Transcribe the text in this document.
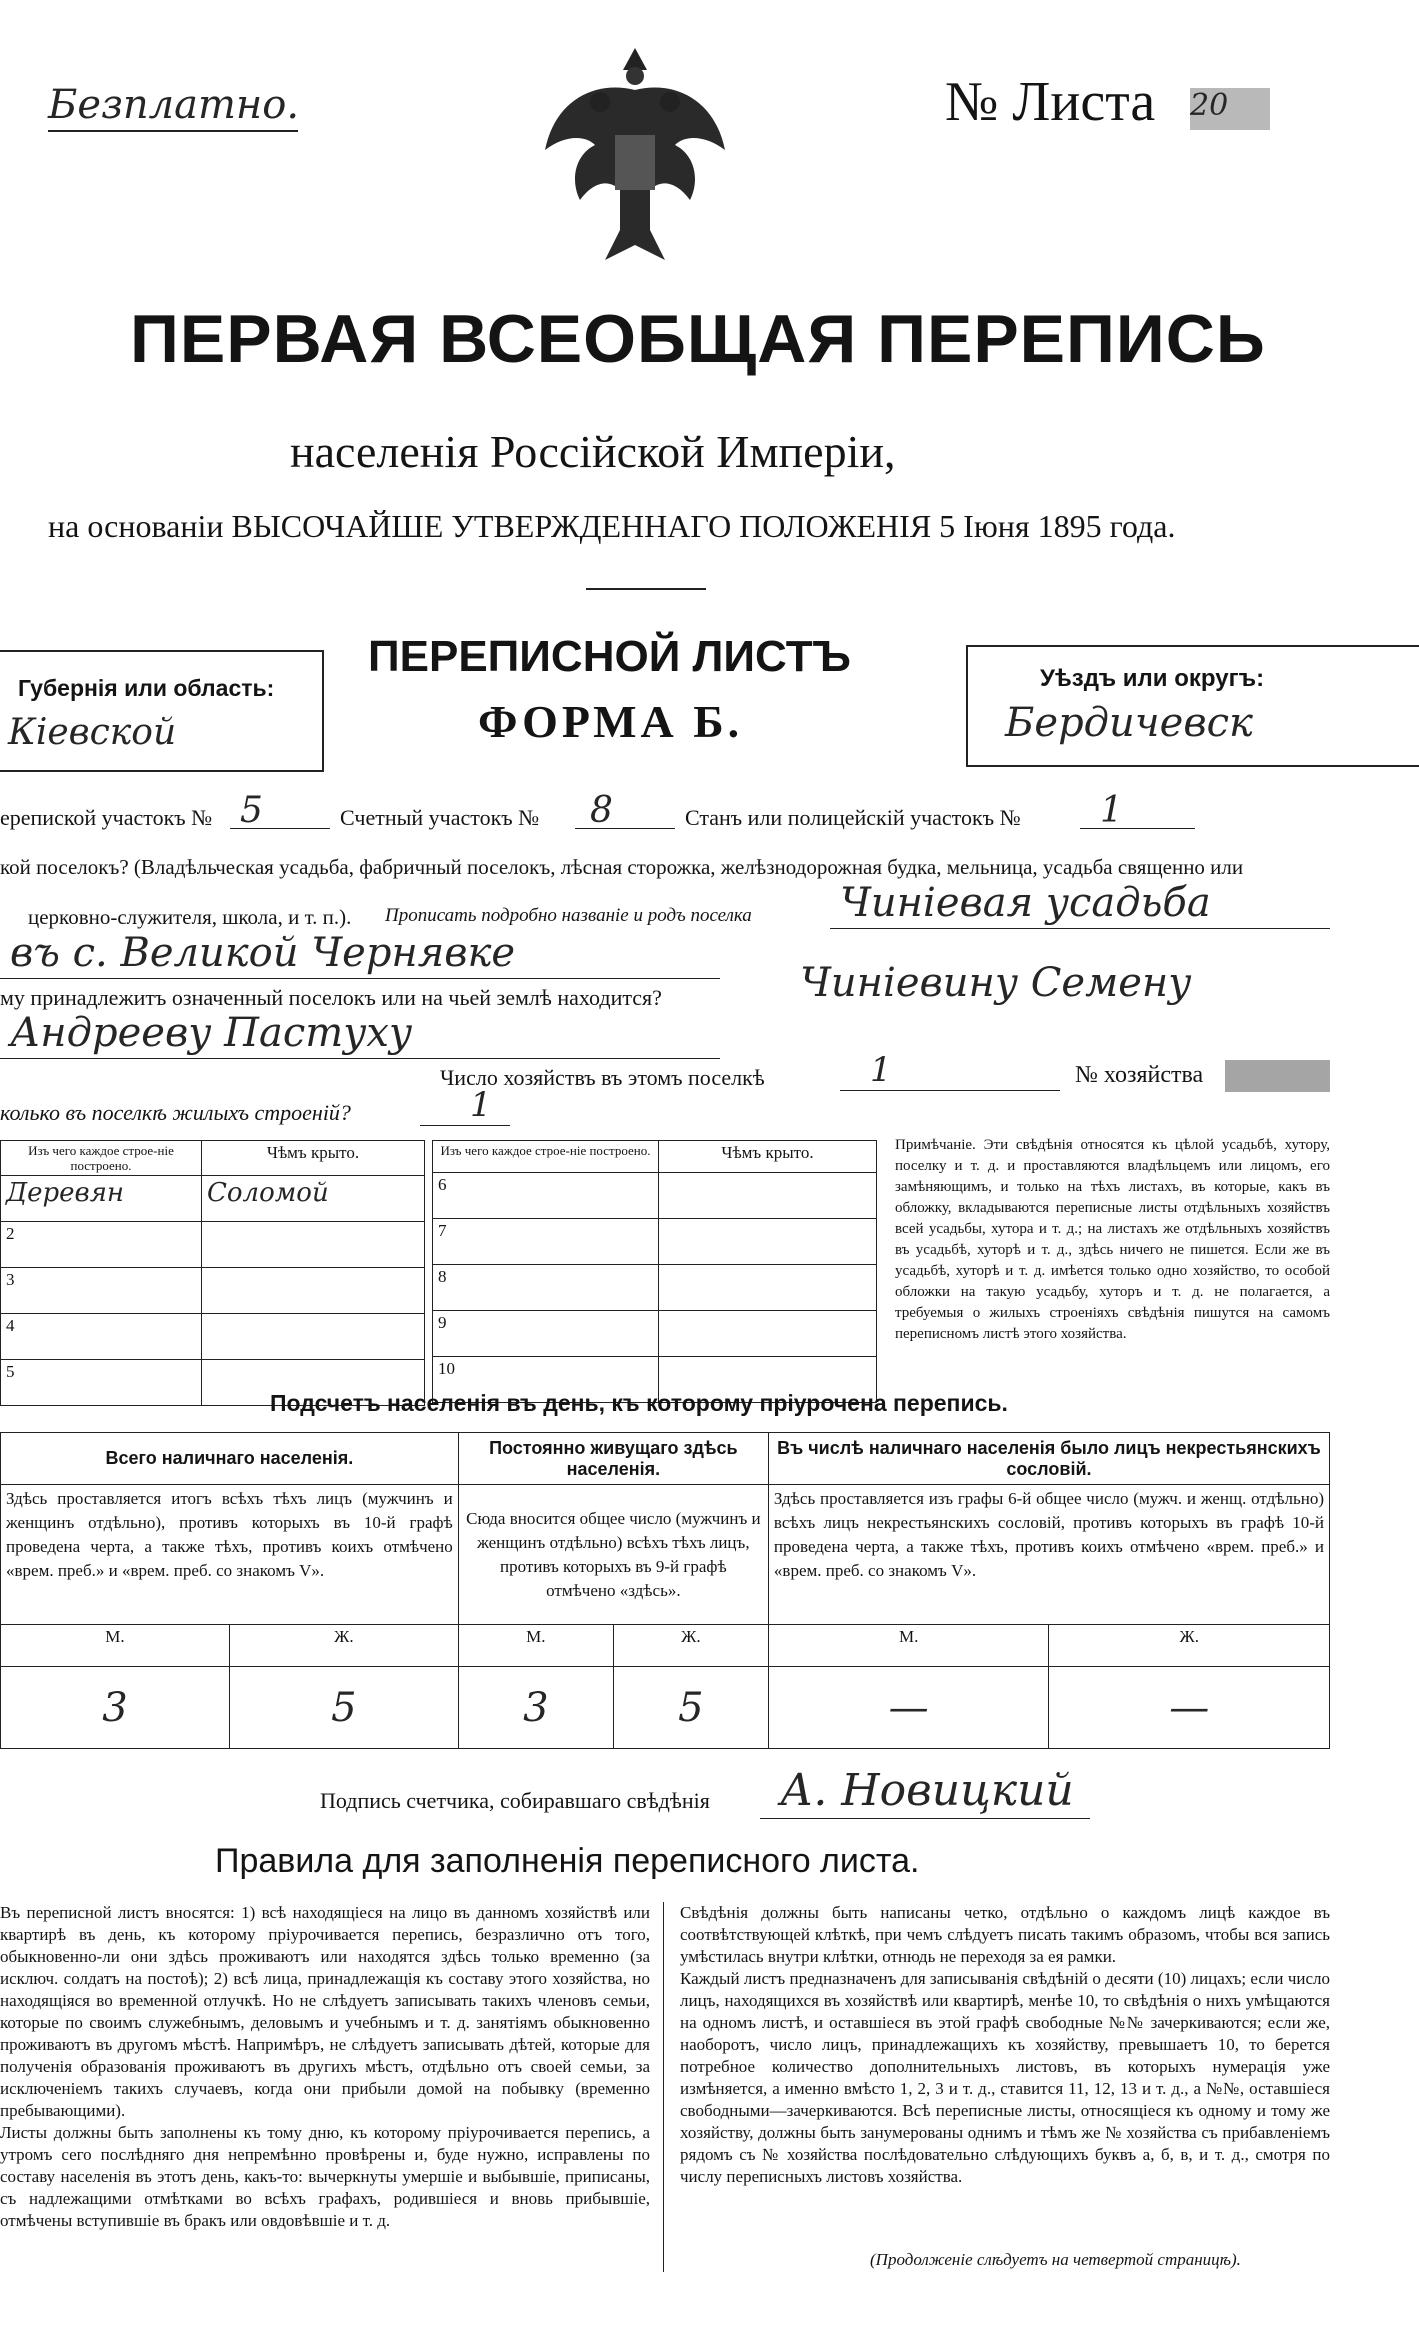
Безплатно.	№ Листа 20
ПЕРВАЯ ВСЕОБЩАЯ ПЕРЕПИСЬ
населенія Россійской Имперіи,
на основаніи ВЫСОЧАЙШЕ УТВЕРЖДЕННАГО ПОЛОЖЕНІЯ 5 Іюня 1895 года.
Губернія или область:
Кіевской
ПЕРЕПИСНОЙ ЛИСТЪ
ФОРМА Б.
Уѣздъ или округъ:
Бердичевск
ерепиской участокъ № 5	Счетный участокъ № 8	Станъ или полицейскій участокъ № 1
кой поселокъ? (Владѣльческая усадьба, фабричный поселокъ, лѣсная сторожка, желѣзнодорожная будка, мельница, усадьба священно или
церковно-служителя, школа, и т. п.). Прописать подробно названіе и родъ поселка Чинiевая усадьба
въ с. Великой Чернявке
му принадлежитъ означенный поселокъ или на чьей землѣ находится?	Чинiевину Семену
Андрееву Пастуху
Число хозяйствъ въ этомъ поселкѣ	1	№ хозяйства
колько въ поселкѣ жилыхъ строеній?	1
Изъ чего каждое строе-ніе построено.	Чѣмъ крыто.
Деревян	Соломой
2	
3	
4	
5	
Изъ чего каждое строе-ніе построено.	Чѣмъ крыто.
6	
7	
8	
9	
10	
Примѣчаніе. Эти свѣдѣнія относятся къ цѣлой усадьбѣ, хутору, поселку и т. д. и проставляются владѣльцемъ или лицомъ, его замѣняющимъ, и только на тѣхъ листахъ, въ которые, какъ въ обложку, вкладываются переписные листы отдѣльныхъ хозяйствъ всей усадьбы, хутора и т. д.; на листахъ же отдѣльныхъ хозяйствъ въ усадьбѣ, хуторѣ и т. д., здѣсь ничего не пишется. Если же въ усадьбѣ, хуторѣ и т. д. имѣется только одно хозяйство, то особой обложки на такую усадьбу, хуторъ и т. д. не полагается, а требуемыя о жилыхъ строеніяхъ свѣдѣнія пишутся на самомъ переписномъ листѣ этого хозяйства.
Подсчетъ населенія въ день, къ которому пріурочена перепись.
Всего наличнаго населенія.		Постоянно живущаго здѣсь населенія.		Въ числѣ наличнаго населенія было лицъ некрестьянскихъ сословій.	
Здѣсь проставляется итогъ всѣхъ тѣхъ лицъ (мужчинъ и женщинъ отдѣльно), противъ которыхъ въ 10-й графѣ проведена черта, а также тѣхъ, противъ коихъ отмѣчено «врем. преб.» и «врем. преб. со знакомъ V».		Сюда вносится общее число (мужчинъ и женщинъ отдѣльно) всѣхъ тѣхъ лицъ, противъ которыхъ въ 9-й графѣ отмѣчено «здѣсь».		Здѣсь проставляется изъ графы 6-й общее число (мужч. и женщ. отдѣльно) всѣхъ лицъ некрестьянскихъ сословій, противъ которыхъ въ графѣ 10-й проведена черта, а также тѣхъ, противъ коихъ отмѣчено «врем. преб.» и «врем. преб. со знакомъ V».	
М.	Ж.	М.	Ж.	М.	Ж.
3	5	3	5	—	—
Подпись счетчика, собиравшаго свѣдѣнія А. Новицкий
Правила для заполненія переписного листа.
Въ переписной листъ вносятся: 1) всѣ находящіеся на лицо въ данномъ хозяйствѣ или квартирѣ въ день, къ которому пріурочивается перепись, безразлично отъ того, обыкновенно-ли они здѣсь проживаютъ или находятся здѣсь только временно (за исключ. солдатъ на постоѣ); 2) всѣ лица, принадлежащія къ составу этого хозяйства, но находящіяся во временной отлучкѣ. Но не слѣдуетъ записывать такихъ членовъ семьи, которые по своимъ служебнымъ, деловымъ и учебнымъ и т. д. занятіямъ обыкновенно проживаютъ въ другомъ мѣстѣ. Напримѣръ, не слѣдуетъ записывать дѣтей, которые для полученія образованія проживаютъ въ другихъ мѣстъ, отдѣльно отъ своей семьи, за исключеніемъ такихъ случаевъ, когда они прибыли домой на побывку (временно пребывающими).
Листы должны быть заполнены къ тому дню, къ которому пріурочивается перепись, а утромъ сего послѣдняго дня непремѣнно провѣрены и, буде нужно, исправлены по составу населенія въ этотъ день, какъ-то: вычеркнуты умершіе и выбывшіе, приписаны, съ надлежащими отмѣтками во всѣхъ графахъ, родившіеся и вновь прибывшіе, отмѣчены вступившіе въ бракъ или овдовѣвшіе и т. д.
Свѣдѣнія должны быть написаны четко, отдѣльно о каждомъ лицѣ каждое въ соотвѣтствующей клѣткѣ, при чемъ слѣдуетъ писать такимъ образомъ, чтобы вся запись умѣстилась внутри клѣтки, отнюдь не переходя за ея рамки.
Каждый листъ предназначенъ для записыванія свѣдѣній о десяти (10) лицахъ; если число лицъ, находящихся въ хозяйствѣ или квартирѣ, менѣе 10, то свѣдѣнія о нихъ умѣщаются на одномъ листѣ, и оставшіеся въ этой графѣ свободные №№ зачеркиваются; если же, наоборотъ, число лицъ, принадлежащихъ къ хозяйству, превышаетъ 10, то берется потребное количество дополнительныхъ листовъ, въ которыхъ нумерація уже измѣняется, а именно вмѣсто 1, 2, 3 и т. д., ставится 11, 12, 13 и т. д., а №№, оставшіеся свободными—зачеркиваются. Всѣ переписные листы, относящіеся къ одному и тому же хозяйству, должны быть занумерованы однимъ и тѣмъ же № хозяйства съ прибавленіемъ рядомъ съ № хозяйства послѣдовательно слѣдующихъ буквъ а, б, в, и т. д., смотря по числу переписныхъ листовъ хозяйства.
(Продолженіе слѣдуетъ на четвертой страницѣ).
